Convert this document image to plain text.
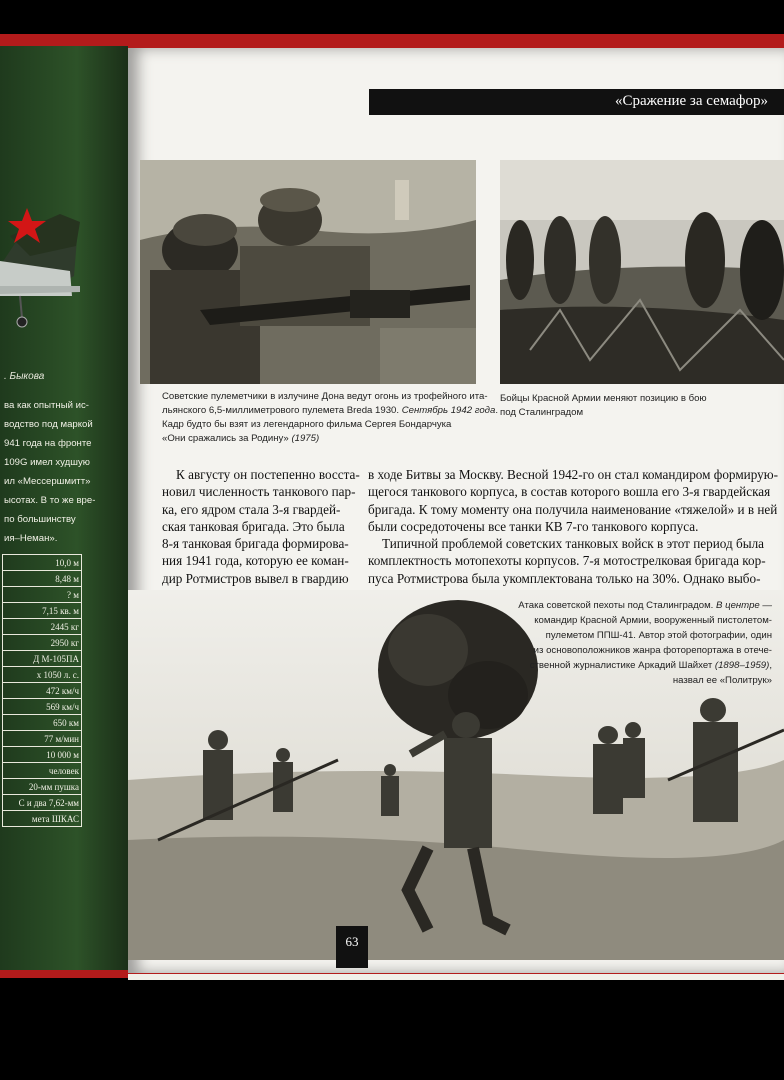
. Быкова
ва как опытный ис-
водство под маркой
941 года на фронте
109G имел худшую
ил «Мессершмитт»
ысотах. В то же вре-
по большинству
ия–Неман».
10,0 м
8,48 м
? м
7,15 кв. м
2445 кг
2950 кг
Д М-105ПА
х 1050 л. с.
472 км/ч
569 км/ч
650 км
77 м/мин
10 000 м
человек
20-мм пушка
С и два 7,62-мм
мета ШКАС
«Сражение за семафор»
Советские пулеметчики в излучине Дона ведут огонь из трофейного ита-
льянского 6,5-миллиметрового пулемета Breda 1930. Сентябрь 1942 года
Кадр будто бы взят из легендарного фильма Сергея Бондарчука
«Они сражались за Родину» (1975)
Бойцы Красной Армии меняют позицию в бою
под Сталинградом
К августу он постепенно восста-
новил численность танкового пар-
ка, его ядром стала 3-я гвардей-
ская танковая бригада. Это была
8-я танковая бригада формирова-
ния 1941 года, которую ее коман-
дир Ротмистров вывел в гвардию
в ходе Битвы за Москву. Весной 1942-го он стал командиром формирую-
щегося танкового корпуса, в состав которого вошла его 3-я гвардейская
бригада. К тому моменту она получила наименование «тяжелой» и в ней
были сосредоточены все танки КВ 7-го танкового корпуса.
Типичной проблемой советских танковых войск в этот период была
комплектность мотопехоты корпусов. 7-я мотострелковая бригада кор-
пуса Ротмистрова была укомплектована только на 30%. Однако выбо-
Атака советской пехоты под Сталинградом. В центре —
командир Красной Армии, вооруженный пистолетом-
пулеметом ППШ-41. Автор этой фотографии, один
из основоположников жанра фоторепортажа в отече-
ственной журналистике Аркадий Шайхет (1898–1959),
назвал ее «Политрук»
63
